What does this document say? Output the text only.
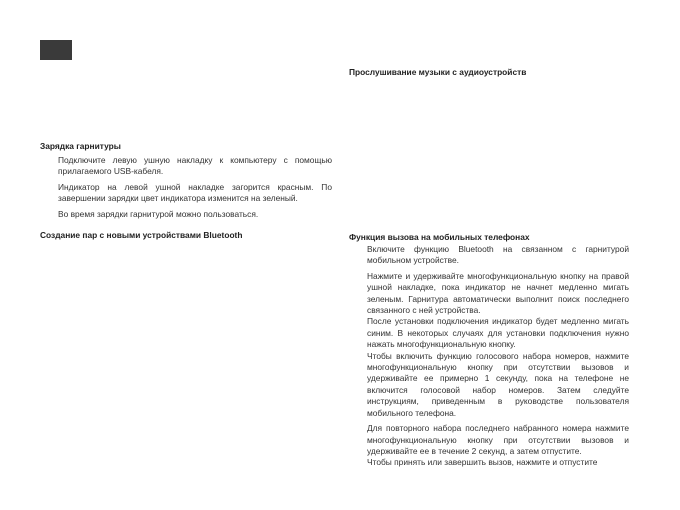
Зарядка гарнитуры

Подключите левую ушную накладку к компьютеру с помощью прилагаемого USB-кабеля.

Индикатор на левой ушной накладке загорится красным. По завершении зарядки цвет индикатора изменится на зеленый.

Во время зарядки гарнитурой можно пользоваться.

Создание пар с новыми устройствами Bluetooth

Прослушивание музыки с аудиоустройств

Функция вызова на мобильных телефонах

Включите функцию Bluetooth на связанном с гарнитурой мобильном устройстве.

Нажмите и удерживайте многофункциональную кнопку на правой ушной накладке, пока индикатор не начнет медленно мигать зеленым. Гарнитура автоматически выполнит поиск последнего связанного с ней устройства.

После установки подключения индикатор будет медленно мигать синим. В некоторых случаях для установки подключения нужно нажать многофункциональную кнопку.

Чтобы включить функцию голосового набора номеров, нажмите многофункциональную кнопку при отсутствии вызовов и удерживайте ее примерно 1 секунду, пока на телефоне не включится голосовой набор номеров. Затем следуйте инструкциям, приведенным в руководстве пользователя мобильного телефона.

Для повторного набора последнего набранного номера нажмите многофункциональную кнопку при отсутствии вызовов и удерживайте ее в течение 2 секунд, а затем отпустите.

Чтобы принять или завершить вызов, нажмите и отпустите
